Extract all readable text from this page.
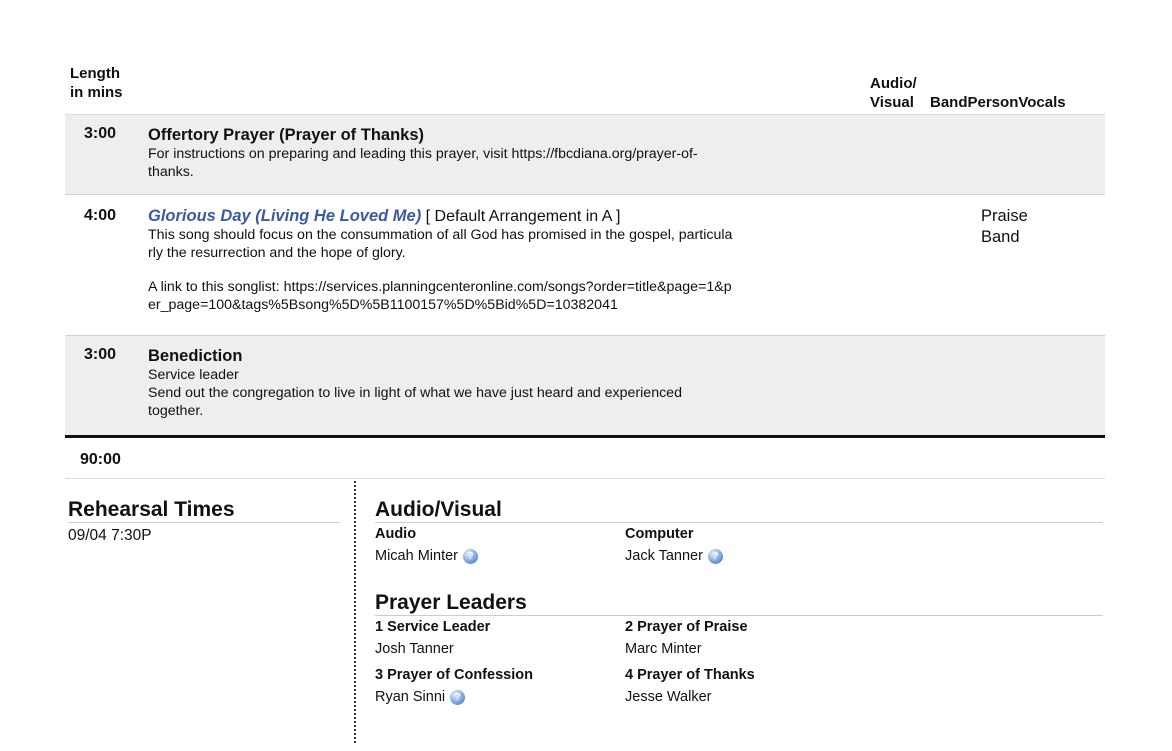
Length
in mins
Audio/
Visual	Band Person Vocals
3:00 Offertory Prayer (Prayer of Thanks)
For instructions on preparing and leading this prayer, visit https://fbcdiana.org/prayer-of-
thanks.
4:00 Glorious Day (Living He Loved Me) [ Default Arrangement in A ]
This song should focus on the consummation of all God has promised in the gospel, particula
rly the resurrection and the hope of glory.
A link to this songlist: https://services.planningcenteronline.com/songs?order=title&page=1&p
er_page=100&tags%5Bsong%5D%5B1100157%5D%5Bid%5D=10382041
Praise
Band
3:00 Benediction
Service leader
Send out the congregation to live in light of what we have just heard and experienced
together.
90:00
Rehearsal Times
09/04 7:30P
Audio/Visual
Audio
Micah Minter ?
Computer
Jack Tanner ?
Prayer Leaders
1 Service Leader
Josh Tanner
2 Prayer of Praise
Marc Minter
3 Prayer of Confession
Ryan Sinni ?
4 Prayer of Thanks
Jesse Walker
